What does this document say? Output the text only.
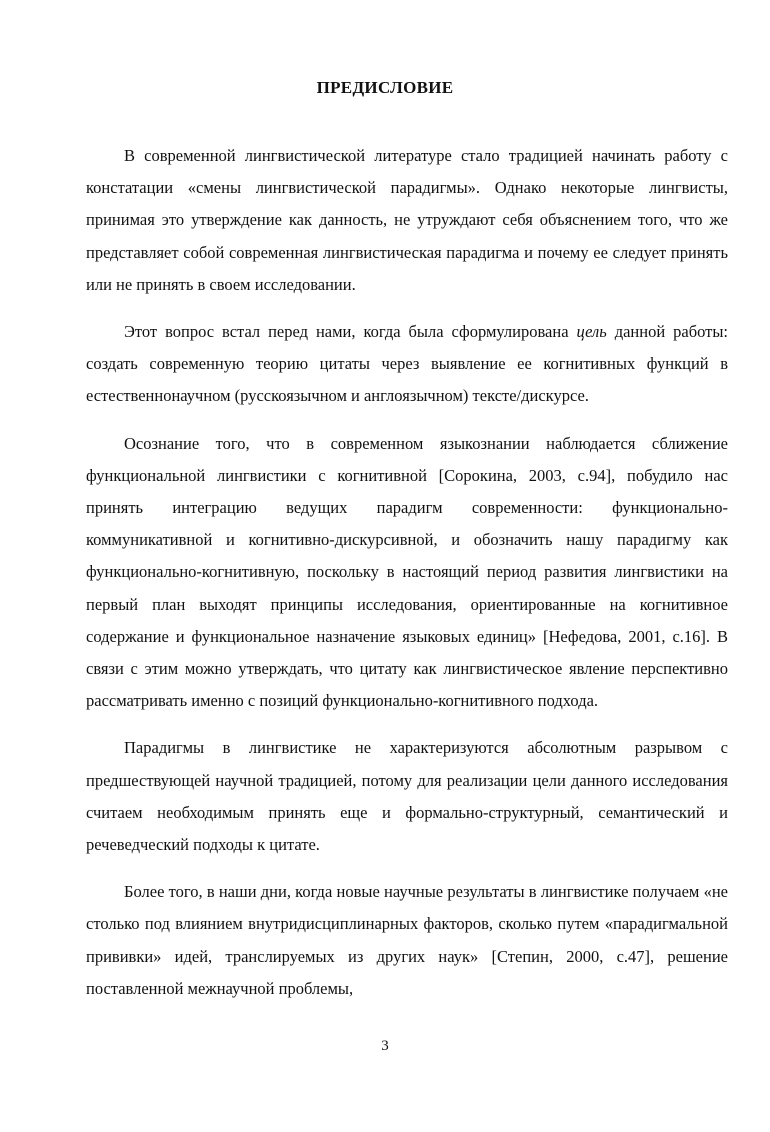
ПРЕДИСЛОВИЕ

В современной лингвистической литературе стало традицией начинать работу с констатации «смены лингвистической парадигмы». Однако некоторые лингвисты, принимая это утверждение как данность, не утруждают себя объяснением того, что же представляет собой современная лингвистическая парадигма и почему ее следует принять или не принять в своем исследовании.

Этот вопрос встал перед нами, когда была сформулирована цель данной работы: создать современную теорию цитаты через выявление ее когнитивных функций в естественнонаучном (русскоязычном и англоязычном) тексте/дискурсе.

Осознание того, что в современном языкознании наблюдается сближение функциональной лингвистики с когнитивной [Сорокина, 2003, с.94], побудило нас принять интеграцию ведущих парадигм современности: функционально-коммуникативной и когнитивно-дискурсивной, и обозначить нашу парадигму как функционально-когнитивную, поскольку в настоящий период развития лингвистики на первый план выходят принципы исследования, ориентированные на когнитивное содержание и функциональное назначение языковых единиц» [Нефедова, 2001, с.16]. В связи с этим можно утверждать, что цитату как лингвистическое явление перспективно рассматривать именно с позиций функционально-когнитивного подхода.

Парадигмы в лингвистике не характеризуются абсолютным разрывом с предшествующей научной традицией, потому для реализации цели данного исследования считаем необходимым принять еще и формально-структурный, семантический и речеведческий подходы к цитате.

Более того, в наши дни, когда новые научные результаты в лингвистике получаем «не столько под влиянием внутридисциплинарных факторов, сколько путем «парадигмальной прививки» идей, транслируемых из других наук» [Степин, 2000, с.47], решение поставленной межнаучной проблемы,

3
